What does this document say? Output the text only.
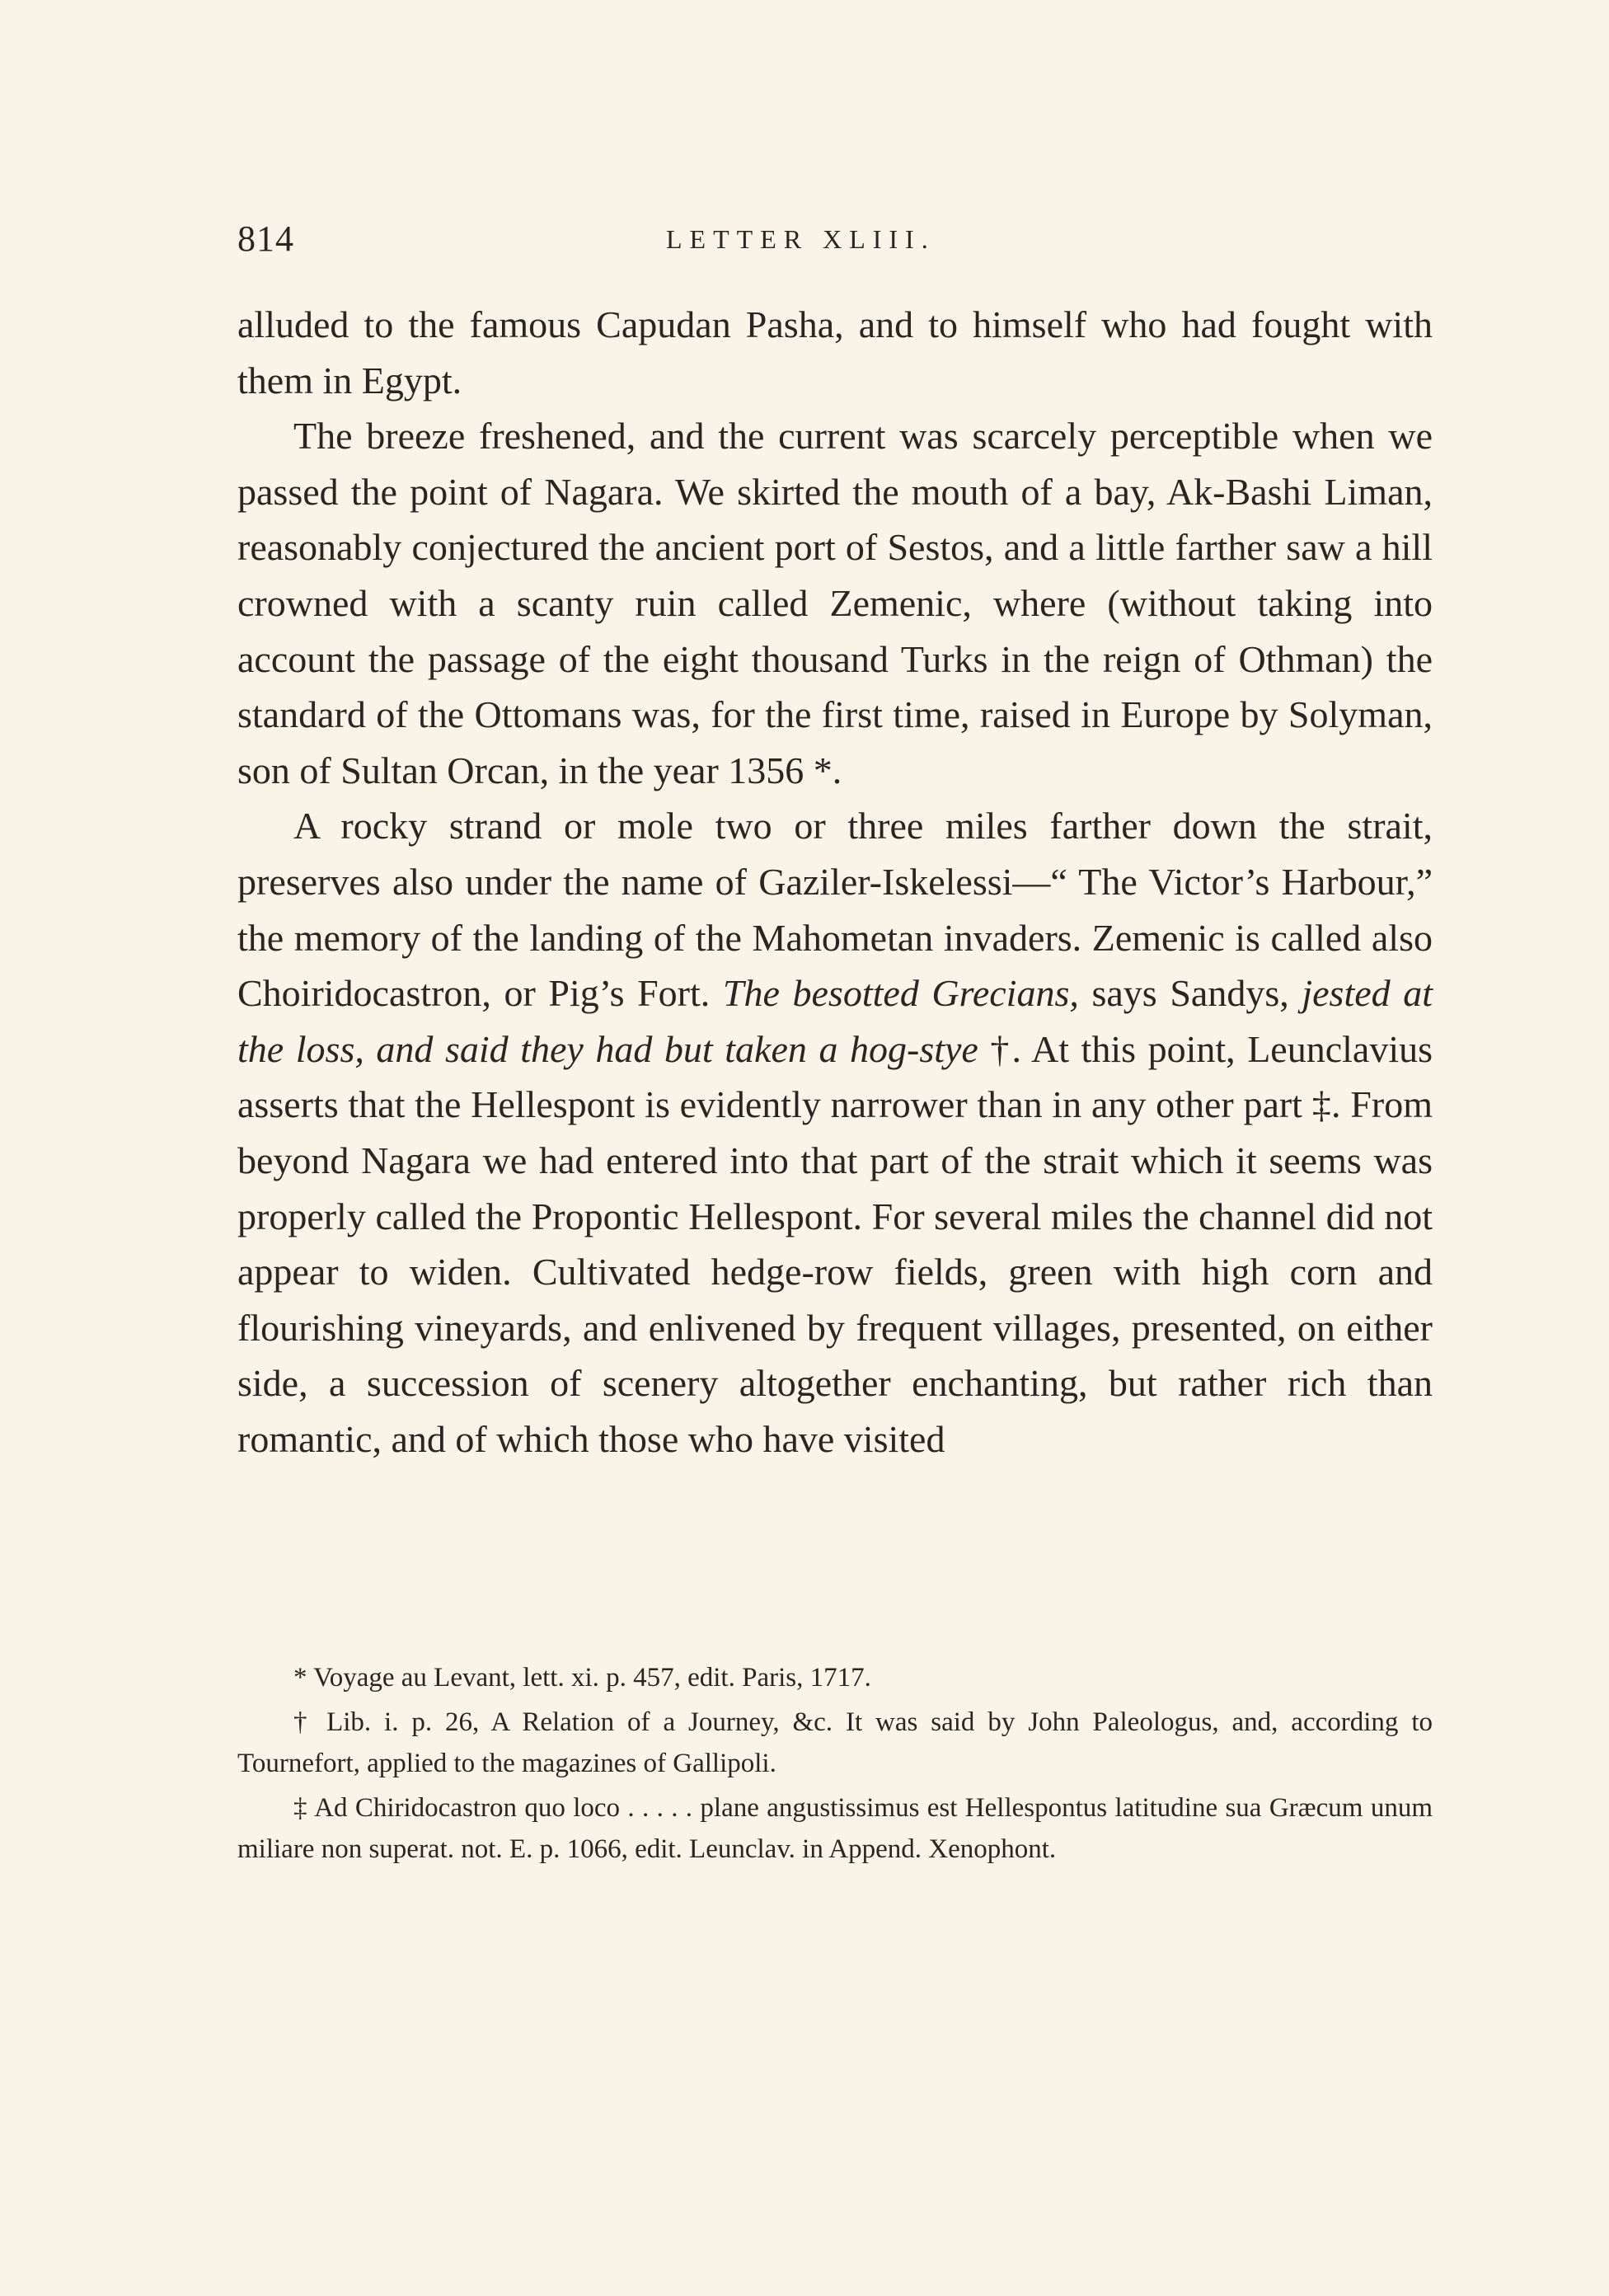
814	LETTER XLIII.

alluded to the famous Capudan Pasha, and to himself who had fought with them in Egypt.

The breeze freshened, and the current was scarcely perceptible when we passed the point of Nagara. We skirted the mouth of a bay, Ak-Bashi Liman, reasonably conjectured the ancient port of Sestos, and a little farther saw a hill crowned with a scanty ruin called Zemenic, where (without taking into account the passage of the eight thousand Turks in the reign of Othman) the standard of the Ottomans was, for the first time, raised in Europe by Solyman, son of Sultan Orcan, in the year 1356 *.

A rocky strand or mole two or three miles farther down the strait, preserves also under the name of Gaziler-Iskelessi—“ The Victor’s Harbour,” the memory of the landing of the Mahometan invaders. Zemenic is called also Choiridocastron, or Pig’s Fort. The besotted Grecians, says Sandys, jested at the loss, and said they had but taken a hog-stye †. At this point, Leunclavius asserts that the Hellespont is evidently narrower than in any other part ‡. From beyond Nagara we had entered into that part of the strait which it seems was properly called the Propontic Hellespont. For several miles the channel did not appear to widen. Cultivated hedge-row fields, green with high corn and flourishing vineyards, and enlivened by frequent villages, presented, on either side, a succession of scenery altogether enchanting, but rather rich than romantic, and of which those who have visited

* Voyage au Levant, lett. xi. p. 457, edit. Paris, 1717.

† Lib. i. p. 26, A Relation of a Journey, &c. It was said by John Paleologus, and, according to Tournefort, applied to the magazines of Gallipoli.

‡ Ad Chiridocastron quo loco . . . . . plane angustissimus est Hellespontus latitudine sua Græcum unum miliare non superat. not. E. p. 1066, edit. Leunclav. in Append. Xenophont.
